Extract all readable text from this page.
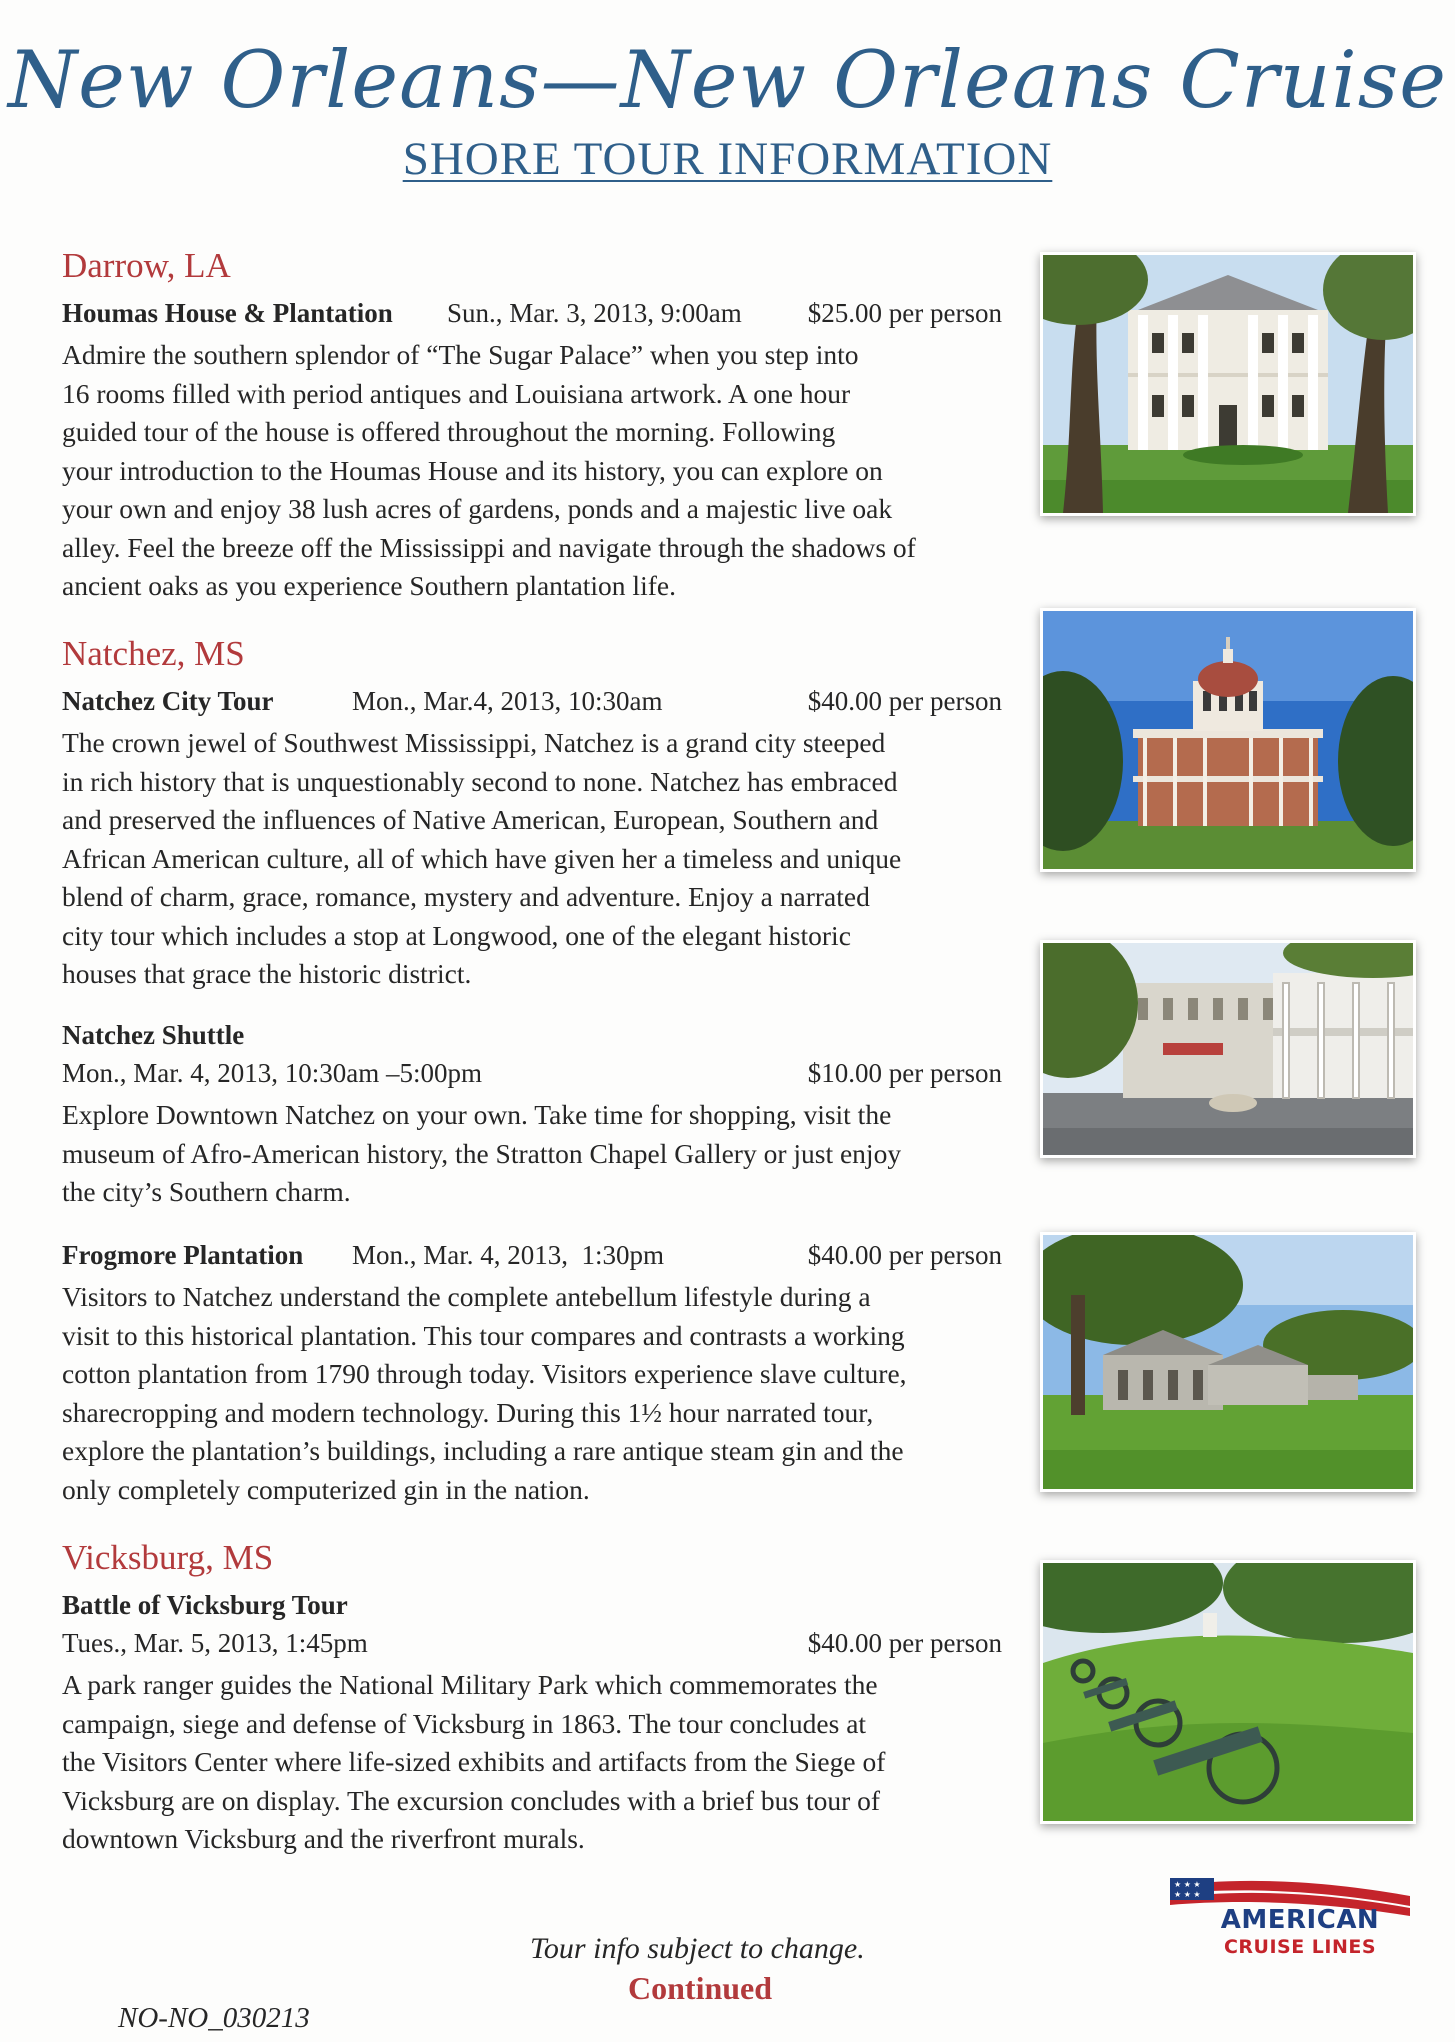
New Orleans—New Orleans Cruise
SHORE TOUR INFORMATION
Darrow, LA
Houmas House & Plantation Sun., Mar. 3, 2013, 9:00am $25.00 per person
Admire the southern splendor of “The Sugar Palace” when you step into
16 rooms filled with period antiques and Louisiana artwork. A one hour
guided tour of the house is offered throughout the morning. Following
your introduction to the Houmas House and its history, you can explore on
your own and enjoy 38 lush acres of gardens, ponds and a majestic live oak
alley. Feel the breeze off the Mississippi and navigate through the shadows of
ancient oaks as you experience Southern plantation life.
Natchez, MS
Natchez City Tour	Mon., Mar.4, 2013, 10:30am	$40.00 per person
The crown jewel of Southwest Mississippi, Natchez is a grand city steeped
in rich history that is unquestionably second to none. Natchez has embraced
and preserved the influences of Native American, European, Southern and
African American culture, all of which have given her a timeless and unique
blend of charm, grace, romance, mystery and adventure. Enjoy a narrated
city tour which includes a stop at Longwood, one of the elegant historic
houses that grace the historic district.
Natchez Shuttle
Mon., Mar. 4, 2013, 10:30am –5:00pm	$10.00 per person
Explore Downtown Natchez on your own. Take time for shopping, visit the
museum of Afro-American history, the Stratton Chapel Gallery or just enjoy
the city’s Southern charm.
Frogmore Plantation Mon., Mar. 4, 2013,  1:30pm	$40.00 per person
Visitors to Natchez understand the complete antebellum lifestyle during a
visit to this historical plantation. This tour compares and contrasts a working
cotton plantation from 1790 through today. Visitors experience slave culture,
sharecropping and modern technology. During this 1½ hour narrated tour,
explore the plantation’s buildings, including a rare antique steam gin and the
only completely computerized gin in the nation.
Vicksburg, MS
Battle of Vicksburg Tour
Tues., Mar. 5, 2013, 1:45pm	$40.00 per person
A park ranger guides the National Military Park which commemorates the
campaign, siege and defense of Vicksburg in 1863. The tour concludes at
the Visitors Center where life-sized exhibits and artifacts from the Siege of
Vicksburg are on display. The excursion concludes with a brief bus tour of
downtown Vicksburg and the riverfront murals.
Tour info subject to change.
Continued
NO-NO_030213
★ ★ ★
★ ★ ★
AMERICAN
CRUISE LINES
